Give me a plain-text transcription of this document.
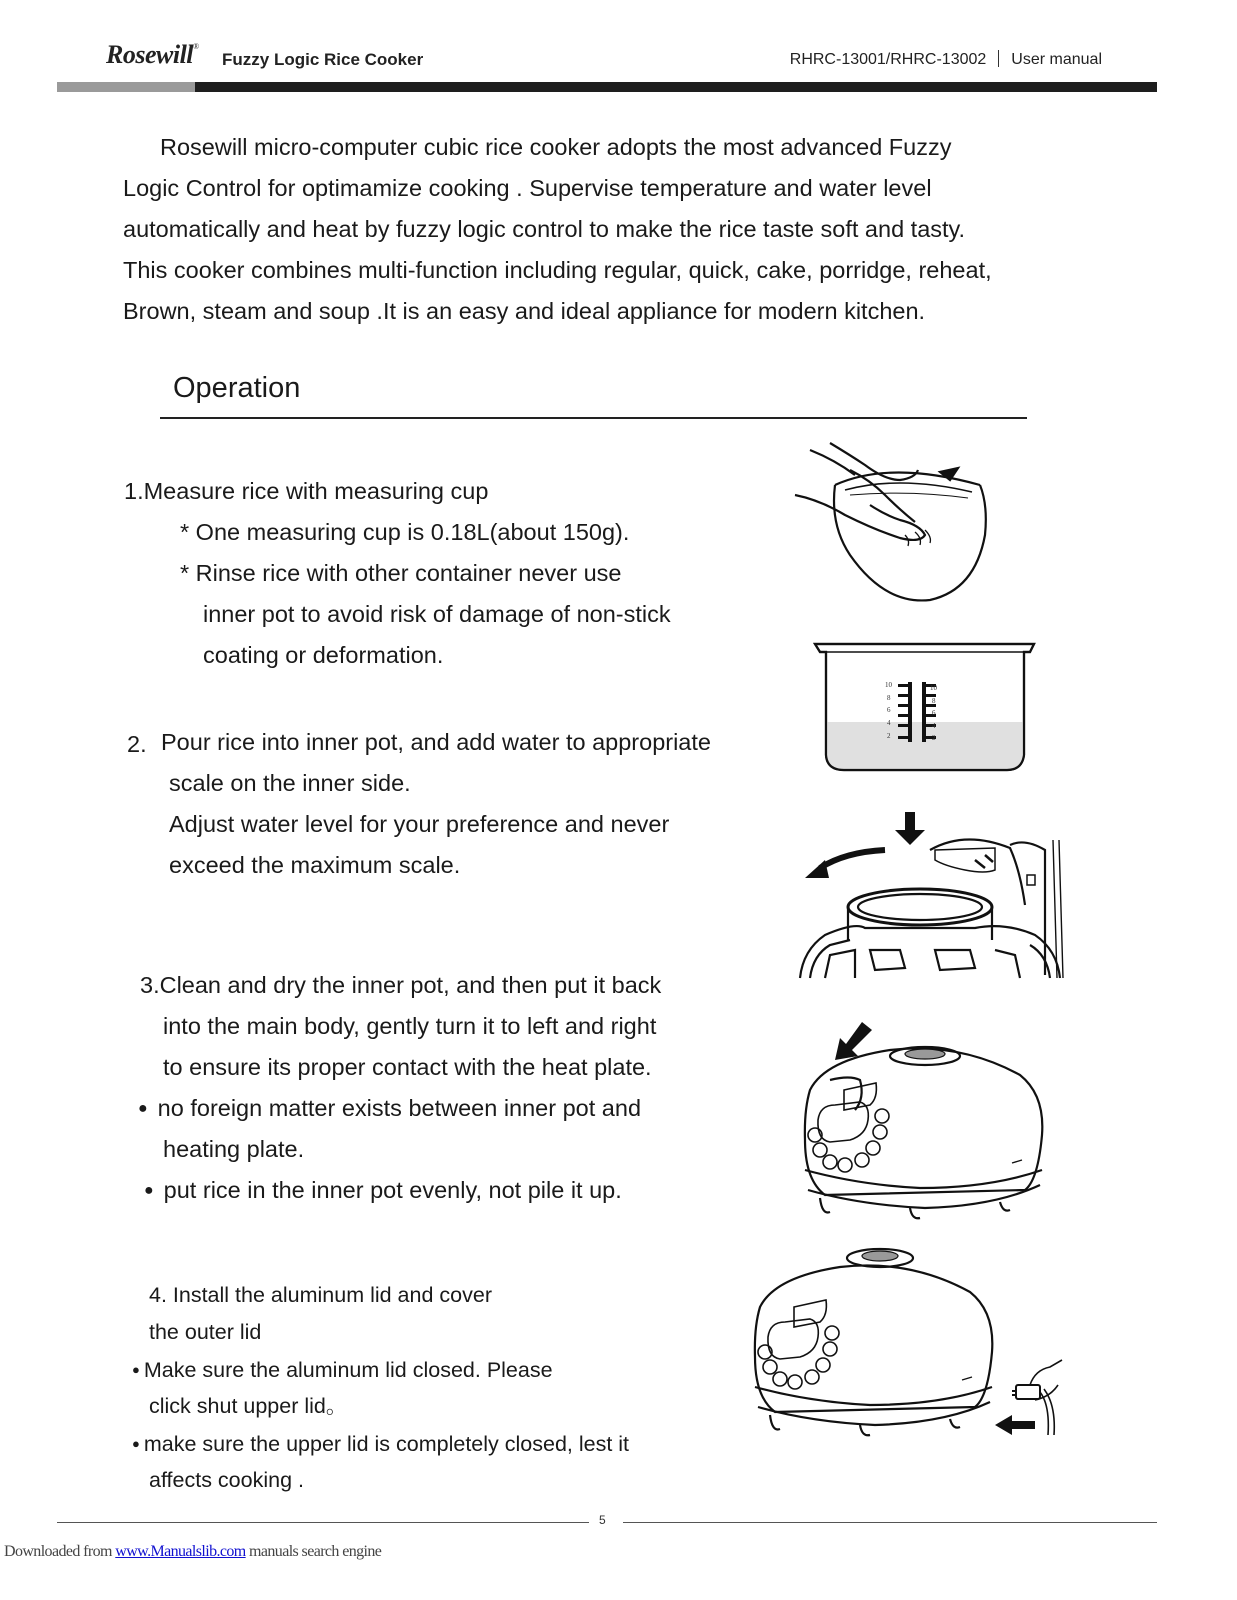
Rosewill®
Fuzzy Logic Rice Cooker	RHRC-13001/RHRC-13002 User manual

Rosewill micro-computer cubic rice cooker adopts the most advanced Fuzzy

Logic Control for optimamize cooking . Supervise temperature and water level

automatically and heat by fuzzy logic control to make the rice taste soft and tasty.

This cooker combines multi-function including regular, quick, cake, porridge, reheat,

Brown, steam and soup .It is an easy and ideal appliance for modern kitchen.

Operation
1.Measure rice with measuring cup
* One measuring cup is 0.18L(about 150g).
* Rinse rice with other container never use
inner pot to avoid risk of damage of non-stick
coating or deformation.
2. Pour rice into inner pot, and add water to appropriate
scale on the inner side.
Adjust water level for your preference and never
exceed the maximum scale.
3.Clean and dry the inner pot, and then put it back
into the main body, gently turn it to left and right
to ensure its proper contact with the heat plate.
● no foreign matter exists between inner pot and
heating plate.
● put rice in the inner pot evenly, not pile it up.
4. Install the aluminum lid and cover
the outer lid
● Make sure the aluminum lid closed. Please
click shut upper lid。
● make sure the upper lid is completely closed, lest it
affects cooking .
10
8
6
4
2
10
8
6
4
2
5
Downloaded from www.Manualslib.com manuals search engine
